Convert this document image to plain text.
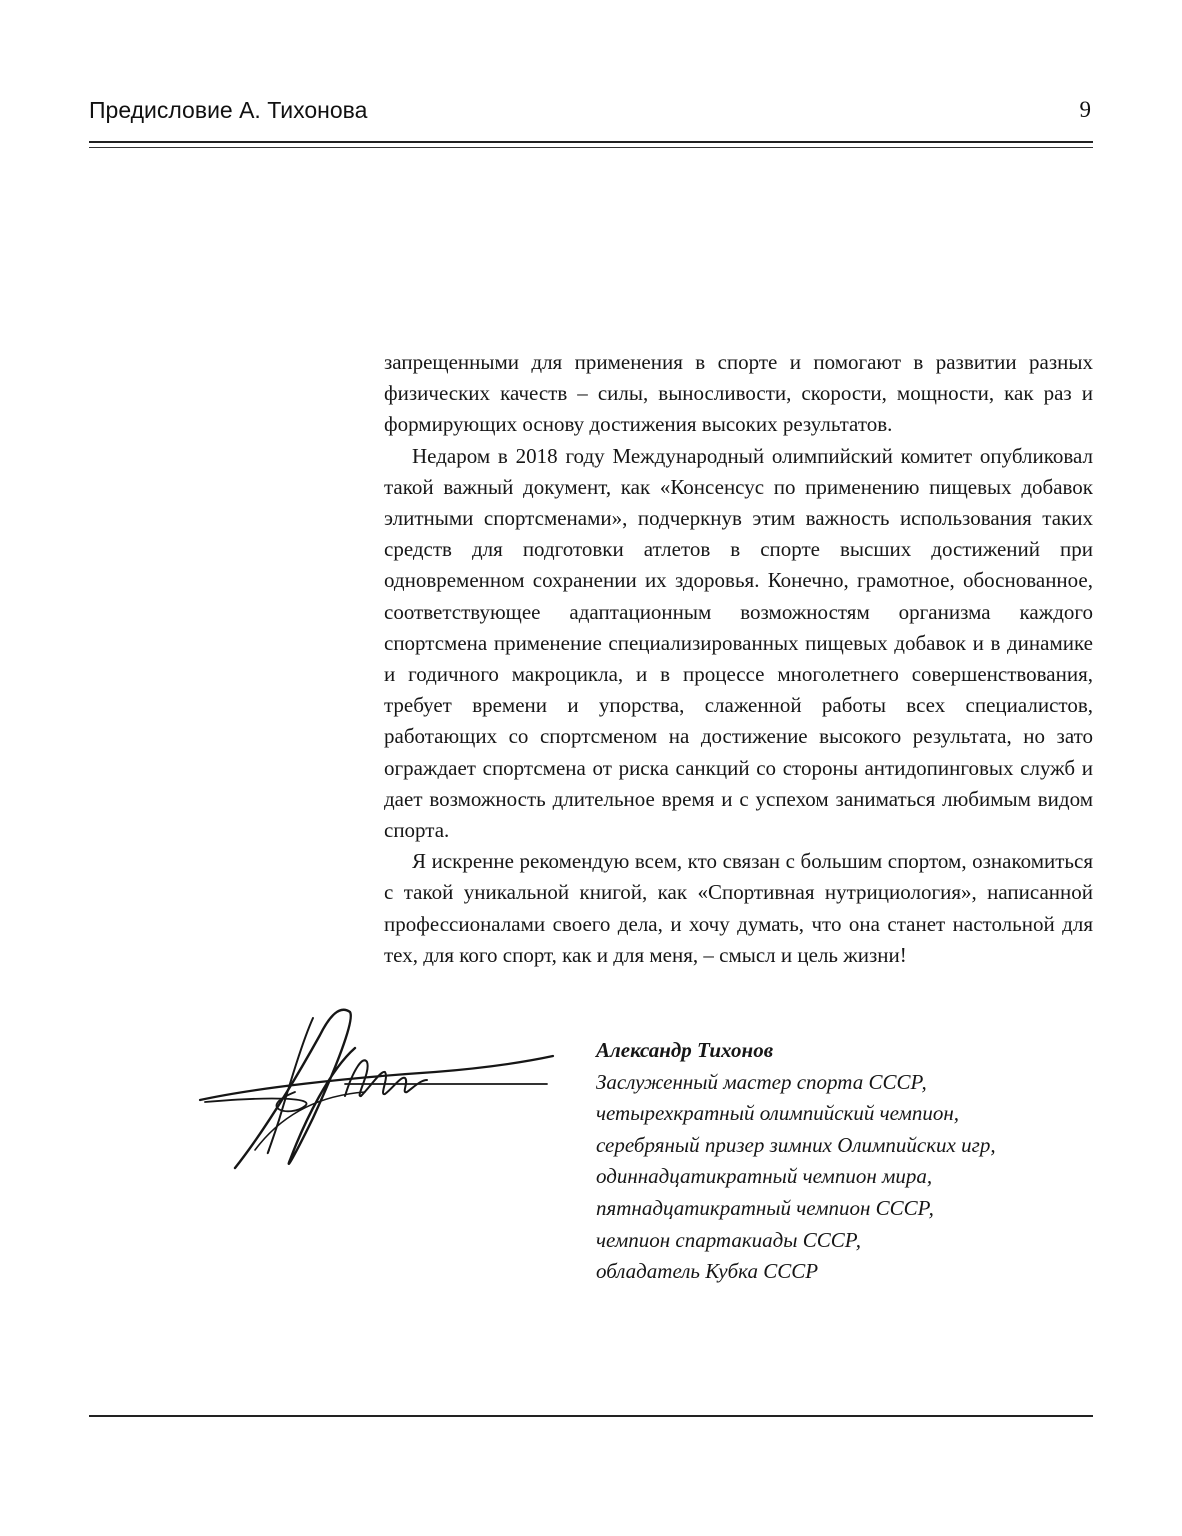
Предисловие А. Тихонова	9

запрещенными для применения в спорте и помогают в развитии разных физических качеств – силы, выносливости, скорости, мощности, как раз и формирующих основу достижения высоких результатов.

Недаром в 2018 году Международный олимпийский комитет опубликовал такой важный документ, как «Консенсус по применению пищевых добавок элитными спортсменами», подчеркнув этим важность использования таких средств для подготовки атлетов в спорте высших достижений при одновременном сохранении их здоровья. Конечно, грамотное, обоснованное, соответствующее адаптационным возможностям организма каждого спортсмена применение специализированных пищевых добавок и в динамике и годичного макроцикла, и в процессе многолетнего совершенствования, требует времени и упорства, слаженной работы всех специалистов, работающих со спортсменом на достижение высокого результата, но зато ограждает спортсмена от риска санкций со стороны антидопинговых служб и дает возможность длительное время и с успехом заниматься любимым видом спорта.

Я искренне рекомендую всем, кто связан с большим спортом, ознакомиться с такой уникальной книгой, как «Спортивная нутрициология», написанной профессионалами своего дела, и хочу думать, что она станет настольной для тех, для кого спорт, как и для меня, – смысл и цель жизни!

Александр Тихонов
Заслуженный мастер спорта СССР,
четырехкратный олимпийский чемпион,
серебряный призер зимних Олимпийских игр,
одиннадцатикратный чемпион мира,
пятнадцатикратный чемпион СССР,
чемпион спартакиады СССР,
обладатель Кубка СССР
